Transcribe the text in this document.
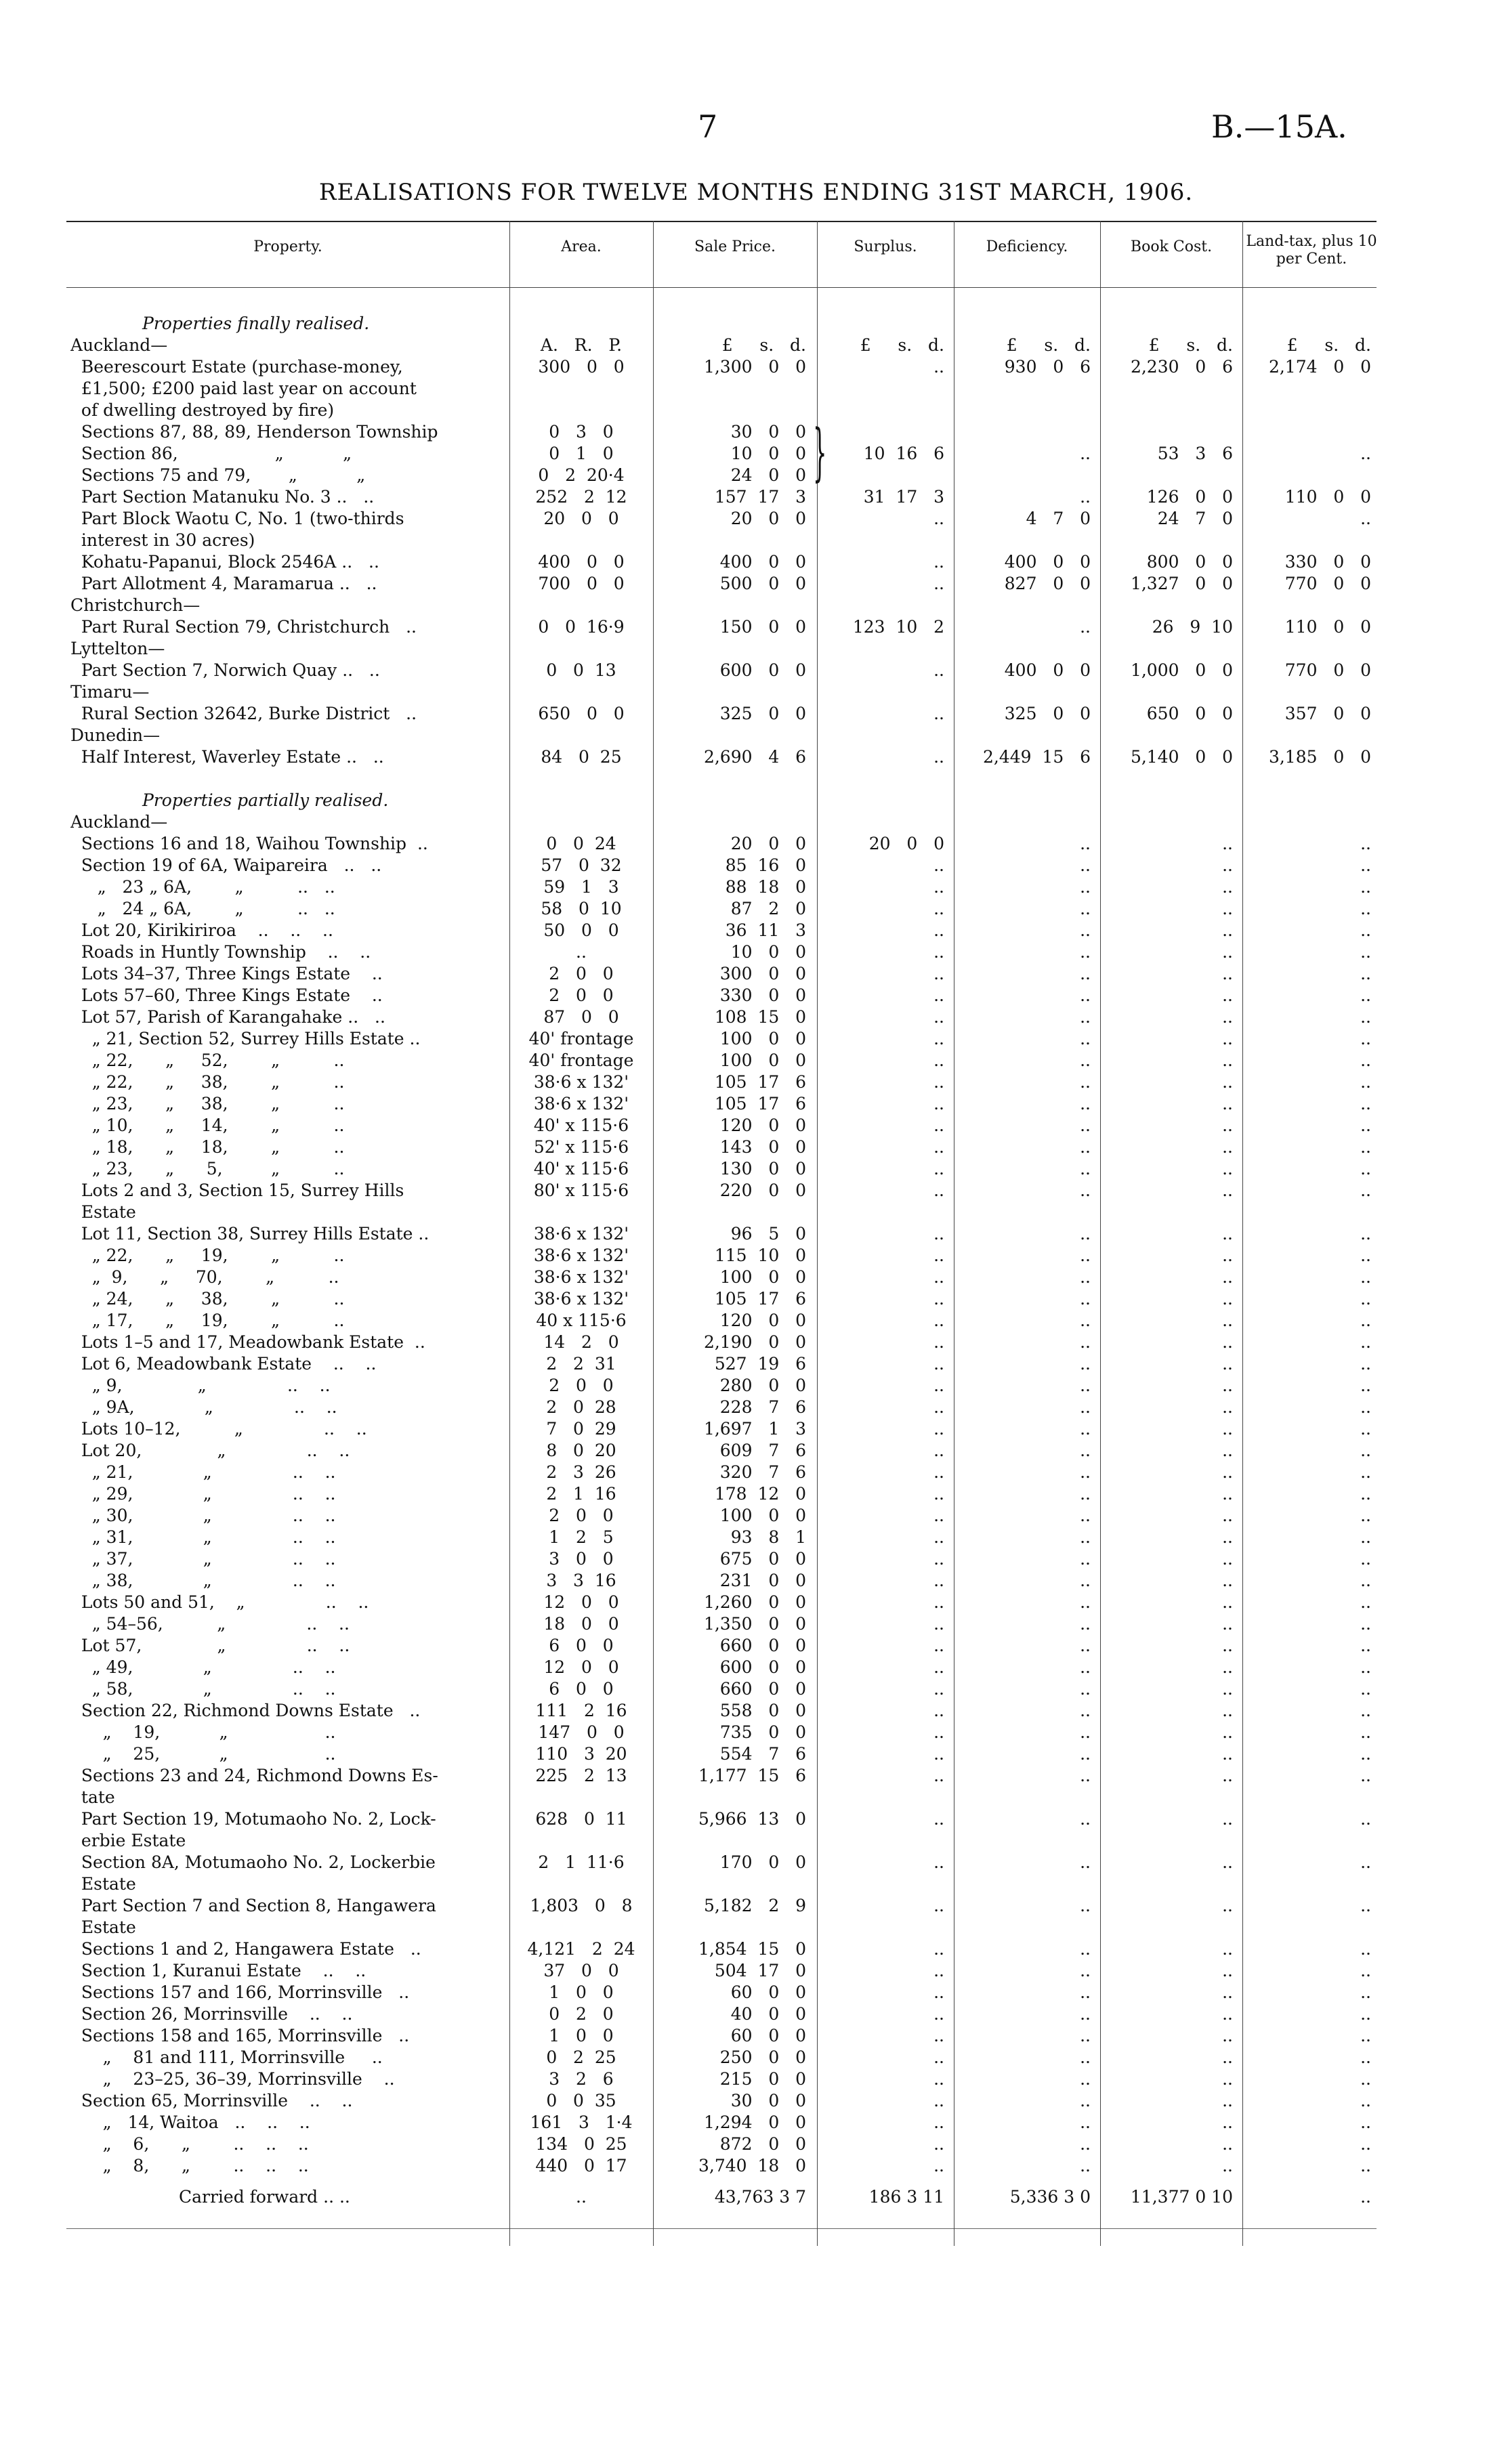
7	B.—15A.
REALISATIONS FOR TWELVE MONTHS ENDING 31ST MARCH, 1906.
Property.	Area.	Sale Price.	Surplus.	Deficiency.	Book Cost.	Land-tax, plus 10 per Cent.
}
Properties finally realised.
Auckland—	A.   R.   P.	£     s.   d.	£     s.   d.	£     s.   d.	£     s.   d.	£     s.   d.
Beerescourt Estate (purchase-money,	300   0   0	1,300   0   0	..	930   0   6	2,230   0   6	2,174   0   0
£1,500; £200 paid last year on account
of dwelling destroyed by fire)
Sections 87, 88, 89, Henderson Township	0   3   0	30   0   0
Section 86,                  „           „	0   1   0	10   0   0	10  16   6	..	53   3   6	..
Sections 75 and 79,       „           „	0   2  20·4	24   0   0
Part Section Matanuku No. 3 ..   ..	252   2  12	157  17   3	31  17   3	..	126   0   0	110   0   0
Part Block Waotu C, No. 1 (two-thirds	20   0   0	20   0   0	..	4   7   0	24   7   0	..
interest in 30 acres)
Kohatu-Papanui, Block 2546A ..   ..	400   0   0	400   0   0	..	400   0   0	800   0   0	330   0   0
Part Allotment 4, Maramarua ..   ..	700   0   0	500   0   0	..	827   0   0	1,327   0   0	770   0   0
Christchurch—
Part Rural Section 79, Christchurch   ..	0   0  16·9	150   0   0	123  10   2	..	26   9  10	110   0   0
Lyttelton—
Part Section 7, Norwich Quay ..   ..	0   0  13	600   0   0	..	400   0   0	1,000   0   0	770   0   0
Timaru—
Rural Section 32642, Burke District   ..	650   0   0	325   0   0	..	325   0   0	650   0   0	357   0   0
Dunedin—
Half Interest, Waverley Estate ..   ..	84   0  25	2,690   4   6	..	2,449  15   6	5,140   0   0	3,185   0   0
Properties partially realised.
Auckland—
Sections 16 and 18, Waihou Township  ..	0   0  24	20   0   0	20   0   0	..	..	..
Section 19 of 6A, Waipareira   ..   ..	57   0  32	85  16   0	..	..	..	..
„   23 „ 6A,        „          ..   ..	59   1   3	88  18   0	..	..	..	..
„   24 „ 6A,        „          ..   ..	58   0  10	87   2   0	..	..	..	..
Lot 20, Kirikiriroa    ..    ..    ..	50   0   0	36  11   3	..	..	..	..
Roads in Huntly Township    ..    ..	..	10   0   0	..	..	..	..
Lots 34–37, Three Kings Estate    ..	2   0   0	300   0   0	..	..	..	..
Lots 57–60, Three Kings Estate    ..	2   0   0	330   0   0	..	..	..	..
Lot 57, Parish of Karangahake ..   ..	87   0   0	108  15   0	..	..	..	..
„ 21, Section 52, Surrey Hills Estate ..	40' frontage	100   0   0	..	..	..	..
„ 22,      „     52,        „          ..	40' frontage	100   0   0	..	..	..	..
„ 22,      „     38,        „          ..	38·6 x 132'	105  17   6	..	..	..	..
„ 23,      „     38,        „          ..	38·6 x 132'	105  17   6	..	..	..	..
„ 10,      „     14,        „          ..	40' x 115·6	120   0   0	..	..	..	..
„ 18,      „     18,        „          ..	52' x 115·6	143   0   0	..	..	..	..
„ 23,      „      5,         „          ..	40' x 115·6	130   0   0	..	..	..	..
Lots 2 and 3, Section 15, Surrey Hills	80' x 115·6	220   0   0	..	..	..	..
Estate
Lot 11, Section 38, Surrey Hills Estate ..	38·6 x 132'	96   5   0	..	..	..	..
„ 22,      „     19,        „          ..	38·6 x 132'	115  10   0	..	..	..	..
„  9,      „     70,        „          ..	38·6 x 132'	100   0   0	..	..	..	..
„ 24,      „     38,        „          ..	38·6 x 132'	105  17   6	..	..	..	..
„ 17,      „     19,        „          ..	40 x 115·6	120   0   0	..	..	..	..
Lots 1–5 and 17, Meadowbank Estate  ..	14   2   0	2,190   0   0	..	..	..	..
Lot 6, Meadowbank Estate    ..    ..	2   2  31	527  19   6	..	..	..	..
„ 9,              „               ..    ..	2   0   0	280   0   0	..	..	..	..
„ 9A,             „               ..    ..	2   0  28	228   7   6	..	..	..	..
Lots 10–12,          „               ..    ..	7   0  29	1,697   1   3	..	..	..	..
Lot 20,              „               ..    ..	8   0  20	609   7   6	..	..	..	..
„ 21,             „               ..    ..	2   3  26	320   7   6	..	..	..	..
„ 29,             „               ..    ..	2   1  16	178  12   0	..	..	..	..
„ 30,             „               ..    ..	2   0   0	100   0   0	..	..	..	..
„ 31,             „               ..    ..	1   2   5	93   8   1	..	..	..	..
„ 37,             „               ..    ..	3   0   0	675   0   0	..	..	..	..
„ 38,             „               ..    ..	3   3  16	231   0   0	..	..	..	..
Lots 50 and 51,    „               ..    ..	12   0   0	1,260   0   0	..	..	..	..
„ 54–56,          „               ..    ..	18   0   0	1,350   0   0	..	..	..	..
Lot 57,              „               ..    ..	6   0   0	660   0   0	..	..	..	..
„ 49,             „               ..    ..	12   0   0	600   0   0	..	..	..	..
„ 58,             „               ..    ..	6   0   0	660   0   0	..	..	..	..
Section 22, Richmond Downs Estate   ..	111   2  16	558   0   0	..	..	..	..
„    19,           „                  ..	147   0   0	735   0   0	..	..	..	..
„    25,           „                  ..	110   3  20	554   7   6	..	..	..	..
Sections 23 and 24, Richmond Downs Es-	225   2  13	1,177  15   6	..	..	..	..
tate
Part Section 19, Motumaoho No. 2, Lock-	628   0  11	5,966  13   0	..	..	..	..
erbie Estate
Section 8A, Motumaoho No. 2, Lockerbie	2   1  11·6	170   0   0	..	..	..	..
Estate
Part Section 7 and Section 8, Hangawera	1,803   0   8	5,182   2   9	..	..	..	..
Estate
Sections 1 and 2, Hangawera Estate   ..	4,121   2  24	1,854  15   0	..	..	..	..
Section 1, Kuranui Estate    ..    ..	37   0   0	504  17   0	..	..	..	..
Sections 157 and 166, Morrinsville   ..	1   0   0	60   0   0	..	..	..	..
Section 26, Morrinsville    ..    ..	0   2   0	40   0   0	..	..	..	..
Sections 158 and 165, Morrinsville   ..	1   0   0	60   0   0	..	..	..	..
„    81 and 111, Morrinsville     ..	0   2  25	250   0   0	..	..	..	..
„    23–25, 36–39, Morrinsville    ..	3   2   6	215   0   0	..	..	..	..
Section 65, Morrinsville    ..    ..	0   0  35	30   0   0	..	..	..	..
„   14, Waitoa   ..    ..    ..	161   3   1·4	1,294   0   0	..	..	..	..
„    6,      „        ..    ..    ..	134   0  25	872   0   0	..	..	..	..
„    8,      „        ..    ..    ..	440   0  17	3,740  18   0	..	..	..	..
Carried forward .. ..	..	43,763 3 7	186 3 11	5,336 3 0	11,377 0 10	..
